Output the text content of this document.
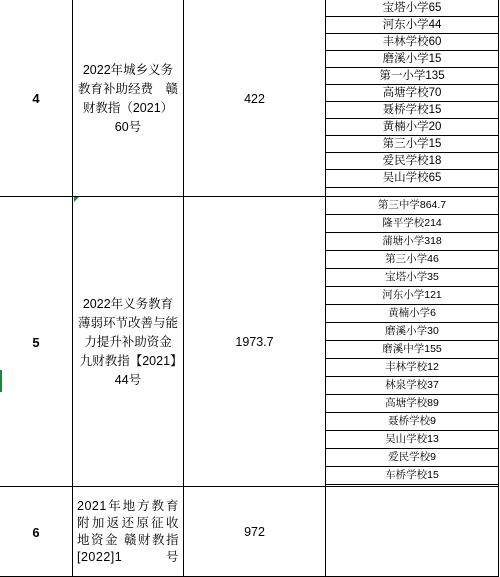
4
2022年城乡义务教育补助经费　赣财教指（2021）60号
422
宝塔小学65
河东小学44
丰林学校60
磨溪小学15
第一小学135
高塘学校70
聂桥学校15
黄楠小学20
第三小学15
爱民学校18
吴山学校65
5
2022年义务教育薄弱环节改善与能力提升补助资金 九财教指【2021】44号
1973.7
第三中学864.7
隆平学校214
蒲塘小学318
第三小学46
宝塔小学35
河东小学121
黄楠小学6
磨溪小学30
磨溪中学155
丰林学校12
林泉学校37
高塘学校89
聂桥学校9
吴山学校13
爱民学校9
车桥学校15
6
2021年地方教育附加返还原征收地资金 赣财教指[2022]1号
972
